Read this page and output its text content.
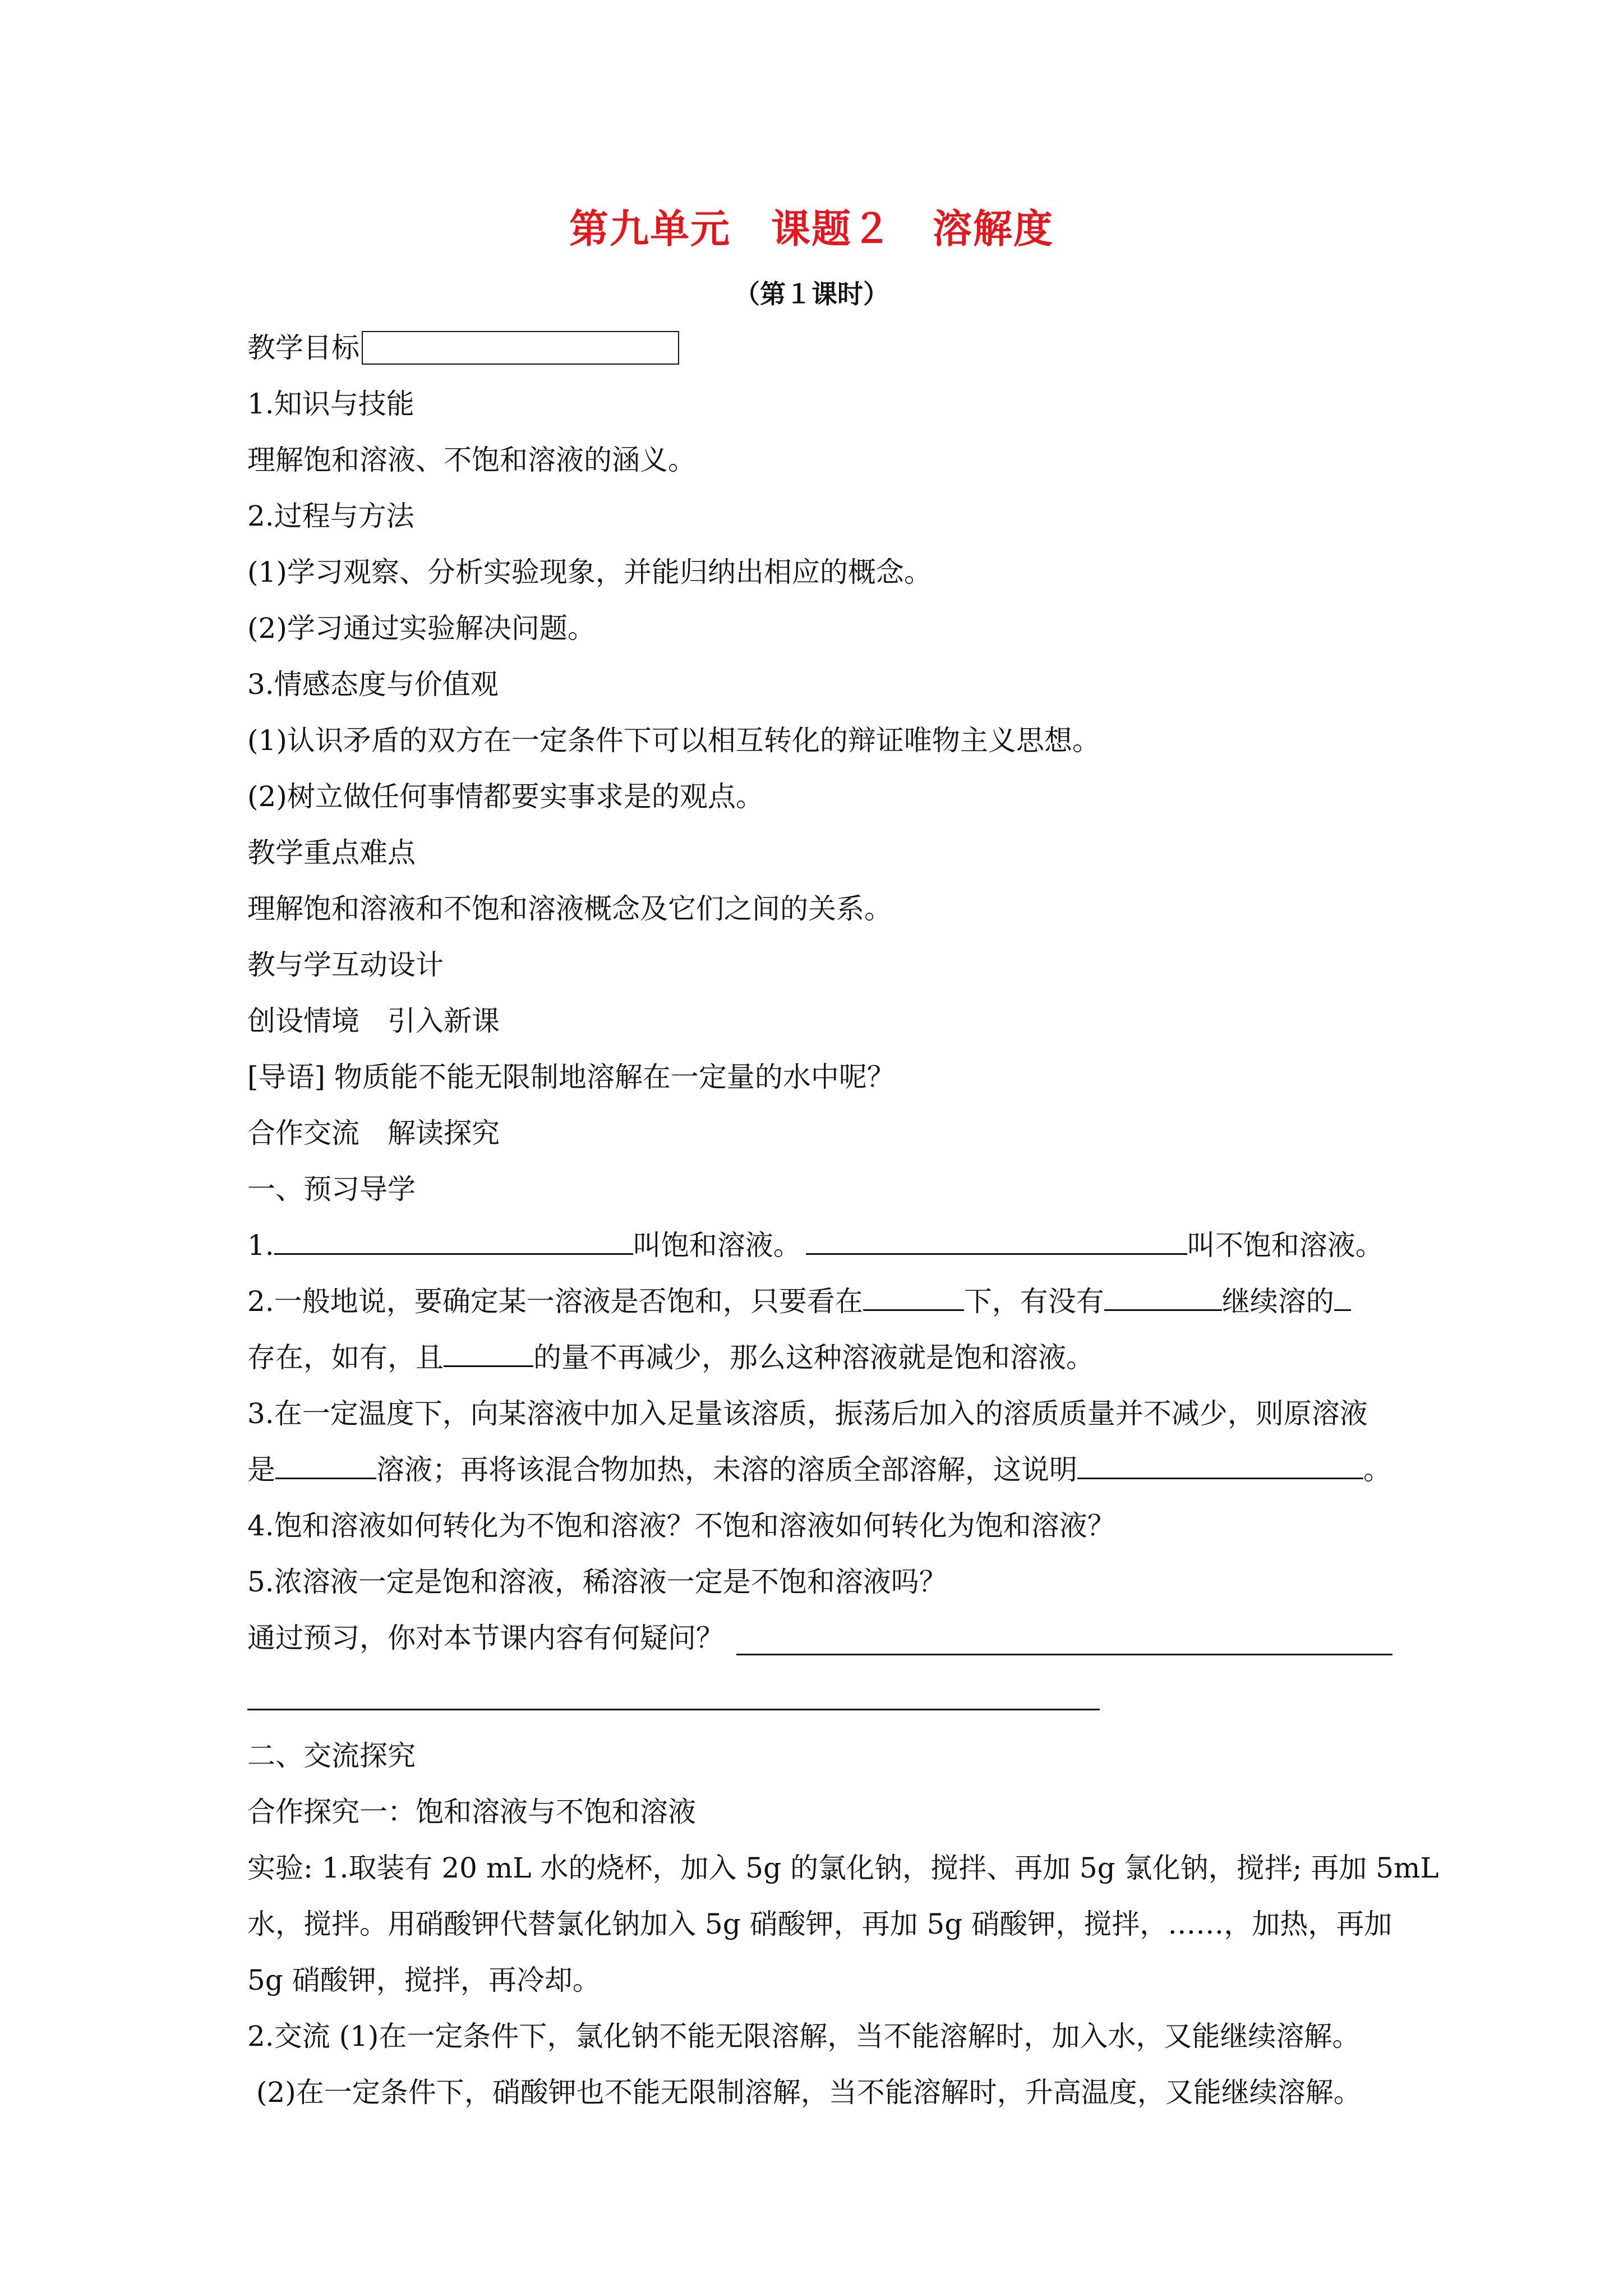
第九单元　课题２　溶解度
（第１课时）
教学目标
1.知识与技能
理解饱和溶液、不饱和溶液的涵义。
2.过程与方法
(1)学习观察、分析实验现象，并能归纳出相应的概念。
(2)学习通过实验解决问题。
3.情感态度与价值观
(1)认识矛盾的双方在一定条件下可以相互转化的辩证唯物主义思想。
(2)树立做任何事情都要实事求是的观点。
教学重点难点
理解饱和溶液和不饱和溶液概念及它们之间的关系。
教与学互动设计
创设情境　引入新课
[导语] 物质能不能无限制地溶解在一定量的水中呢？
合作交流　解读探究
一、预习导学
1.	叫饱和溶液。	叫不饱和溶液。
2.一般地说，要确定某一溶液是否饱和，只要看在	下，有没有	继续溶的
存在，如有，且	的量不再减少，那么这种溶液就是饱和溶液。
3.在一定温度下，向某溶液中加入足量该溶质，振荡后加入的溶质质量并不减少，则原溶液
是	溶液；再将该混合物加热，未溶的溶质全部溶解，这说明	。
4.饱和溶液如何转化为不饱和溶液？不饱和溶液如何转化为饱和溶液？
5.浓溶液一定是饱和溶液，稀溶液一定是不饱和溶液吗？
通过预习，你对本节课内容有何疑问？
二、交流探究
合作探究一：饱和溶液与不饱和溶液
实验: 1.取装有 20 mL 水的烧杯，加入 5g 的氯化钠，搅拌、再加 5g 氯化钠，搅拌; 再加 5mL
水，搅拌。用硝酸钾代替氯化钠加入 5g 硝酸钾，再加 5g 硝酸钾，搅拌，……，加热，再加
5g 硝酸钾，搅拌，再冷却。
2.交流 (1)在一定条件下，氯化钠不能无限溶解，当不能溶解时，加入水，又能继续溶解。
(2)在一定条件下，硝酸钾也不能无限制溶解，当不能溶解时，升高温度，又能继续溶解。
